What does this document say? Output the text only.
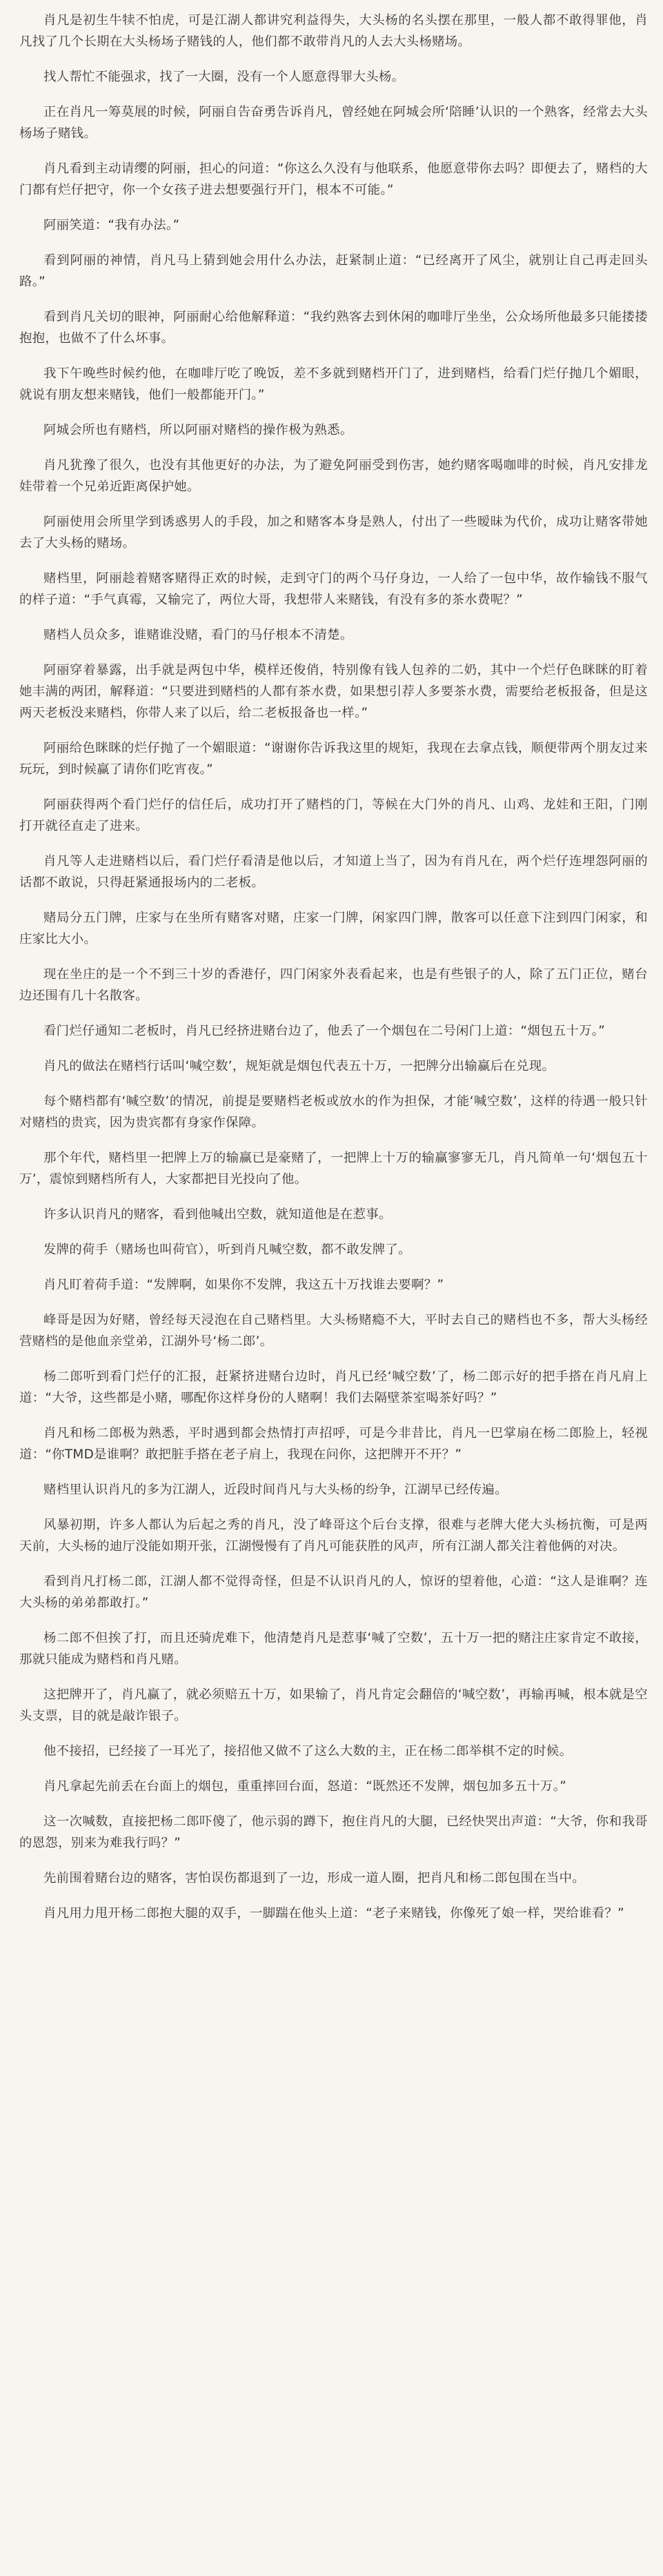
肖凡是初生牛犊不怕虎，可是江湖人都讲究利益得失，大头杨的名头摆在那里，一般人都不敢得罪他，肖凡找了几个长期在大头杨场子赌钱的人，他们都不敢带肖凡的人去大头杨赌场。

找人帮忙不能强求，找了一大圈，没有一个人愿意得罪大头杨。

正在肖凡一筹莫展的时候，阿丽自告奋勇告诉肖凡，曾经她在阿城会所‘陪睡’认识的一个熟客，经常去大头杨场子赌钱。

肖凡看到主动请缨的阿丽，担心的问道：“你这么久没有与他联系，他愿意带你去吗？即便去了，赌档的大门都有烂仔把守，你一个女孩子进去想要强行开门，根本不可能。”

阿丽笑道：“我有办法。”

看到阿丽的神情，肖凡马上猜到她会用什么办法，赶紧制止道：“已经离开了风尘，就别让自己再走回头路。”

看到肖凡关切的眼神，阿丽耐心给他解释道：“我约熟客去到休闲的咖啡厅坐坐，公众场所他最多只能搂搂抱抱，也做不了什么坏事。

我下午晚些时候约他，在咖啡厅吃了晚饭，差不多就到赌档开门了，进到赌档，给看门烂仔抛几个媚眼，就说有朋友想来赌钱，他们一般都能开门。”

阿城会所也有赌档，所以阿丽对赌档的操作极为熟悉。

肖凡犹豫了很久，也没有其他更好的办法，为了避免阿丽受到伤害，她约赌客喝咖啡的时候，肖凡安排龙娃带着一个兄弟近距离保护她。

阿丽使用会所里学到诱惑男人的手段，加之和赌客本身是熟人，付出了一些暧昧为代价，成功让赌客带她去了大头杨的赌场。

赌档里，阿丽趁着赌客赌得正欢的时候，走到守门的两个马仔身边，一人给了一包中华，故作输钱不服气的样子道：“手气真霉，又输完了，两位大哥，我想带人来赌钱，有没有多的茶水费呢？”

赌档人员众多，谁赌谁没赌，看门的马仔根本不清楚。

阿丽穿着暴露，出手就是两包中华，模样还俊俏，特别像有钱人包养的二奶，其中一个烂仔色眯眯的盯着她丰满的两团，解释道：“只要进到赌档的人都有茶水费，如果想引荐人多要茶水费，需要给老板报备，但是这两天老板没来赌档，你带人来了以后，给二老板报备也一样。”

阿丽给色眯眯的烂仔抛了一个媚眼道：“谢谢你告诉我这里的规矩，我现在去拿点钱，顺便带两个朋友过来玩玩，到时候赢了请你们吃宵夜。”

阿丽获得两个看门烂仔的信任后，成功打开了赌档的门，等候在大门外的肖凡、山鸡、龙娃和王阳，门刚打开就径直走了进来。

肖凡等人走进赌档以后，看门烂仔看清是他以后，才知道上当了，因为有肖凡在，两个烂仔连埋怨阿丽的话都不敢说，只得赶紧通报场内的二老板。

赌局分五门牌，庄家与在坐所有赌客对赌，庄家一门牌，闲家四门牌，散客可以任意下注到四门闲家，和庄家比大小。

现在坐庄的是一个不到三十岁的香港仔，四门闲家外表看起来，也是有些银子的人，除了五门正位，赌台边还围有几十名散客。

看门烂仔通知二老板时，肖凡已经挤进赌台边了，他丢了一个烟包在二号闲门上道：“烟包五十万。”

肖凡的做法在赌档行话叫‘喊空数’，规矩就是烟包代表五十万，一把牌分出输赢后在兑现。

每个赌档都有‘喊空数’的情况，前提是要赌档老板或放水的作为担保，才能‘喊空数’，这样的待遇一般只针对赌档的贵宾，因为贵宾都有身家作保障。

那个年代，赌档里一把牌上万的输赢已是豪赌了，一把牌上十万的输赢寥寥无几，肖凡简单一句‘烟包五十万’，震惊到赌档所有人，大家都把目光投向了他。

许多认识肖凡的赌客，看到他喊出空数，就知道他是在惹事。

发牌的荷手（赌场也叫荷官），听到肖凡喊空数，都不敢发牌了。

肖凡盯着荷手道：“发牌啊，如果你不发牌，我这五十万找谁去要啊？”

峰哥是因为好赌，曾经每天浸泡在自己赌档里。大头杨赌瘾不大，平时去自己的赌档也不多，帮大头杨经营赌档的是他血亲堂弟，江湖外号‘杨二郎’。

杨二郎听到看门烂仔的汇报，赶紧挤进赌台边时，肖凡已经‘喊空数’了，杨二郎示好的把手搭在肖凡肩上道：“大爷，这些都是小赌，哪配你这样身份的人赌啊！我们去隔壁茶室喝茶好吗？”

肖凡和杨二郎极为熟悉，平时遇到都会热情打声招呼，可是今非昔比，肖凡一巴掌扇在杨二郎脸上，轻视道：“你TMD是谁啊？敢把脏手搭在老子肩上，我现在问你，这把牌开不开？”

赌档里认识肖凡的多为江湖人，近段时间肖凡与大头杨的纷争，江湖早已经传遍。

风暴初期，许多人都认为后起之秀的肖凡，没了峰哥这个后台支撑，很难与老牌大佬大头杨抗衡，可是两天前，大头杨的迪厅没能如期开张，江湖慢慢有了肖凡可能获胜的风声，所有江湖人都关注着他俩的对决。

看到肖凡打杨二郎，江湖人都不觉得奇怪，但是不认识肖凡的人，惊讶的望着他，心道：“这人是谁啊？连大头杨的弟弟都敢打。”

杨二郎不但挨了打，而且还骑虎难下，他清楚肖凡是惹事‘喊了空数’，五十万一把的赌注庄家肯定不敢接，那就只能成为赌档和肖凡赌。

这把牌开了，肖凡赢了，就必须赔五十万，如果输了，肖凡肯定会翻倍的‘喊空数’，再输再喊，根本就是空头支票，目的就是敲诈银子。

他不接招，已经接了一耳光了，接招他又做不了这么大数的主，正在杨二郎举棋不定的时候。

肖凡拿起先前丢在台面上的烟包，重重摔回台面，怒道：“既然还不发牌，烟包加多五十万。”

这一次喊数，直接把杨二郎吓傻了，他示弱的蹲下，抱住肖凡的大腿，已经快哭出声道：“大爷，你和我哥的恩怨，别来为难我行吗？”

先前围着赌台边的赌客，害怕误伤都退到了一边，形成一道人圈，把肖凡和杨二郎包围在当中。

肖凡用力甩开杨二郎抱大腿的双手，一脚踹在他头上道：“老子来赌钱，你像死了娘一样，哭给谁看？”
